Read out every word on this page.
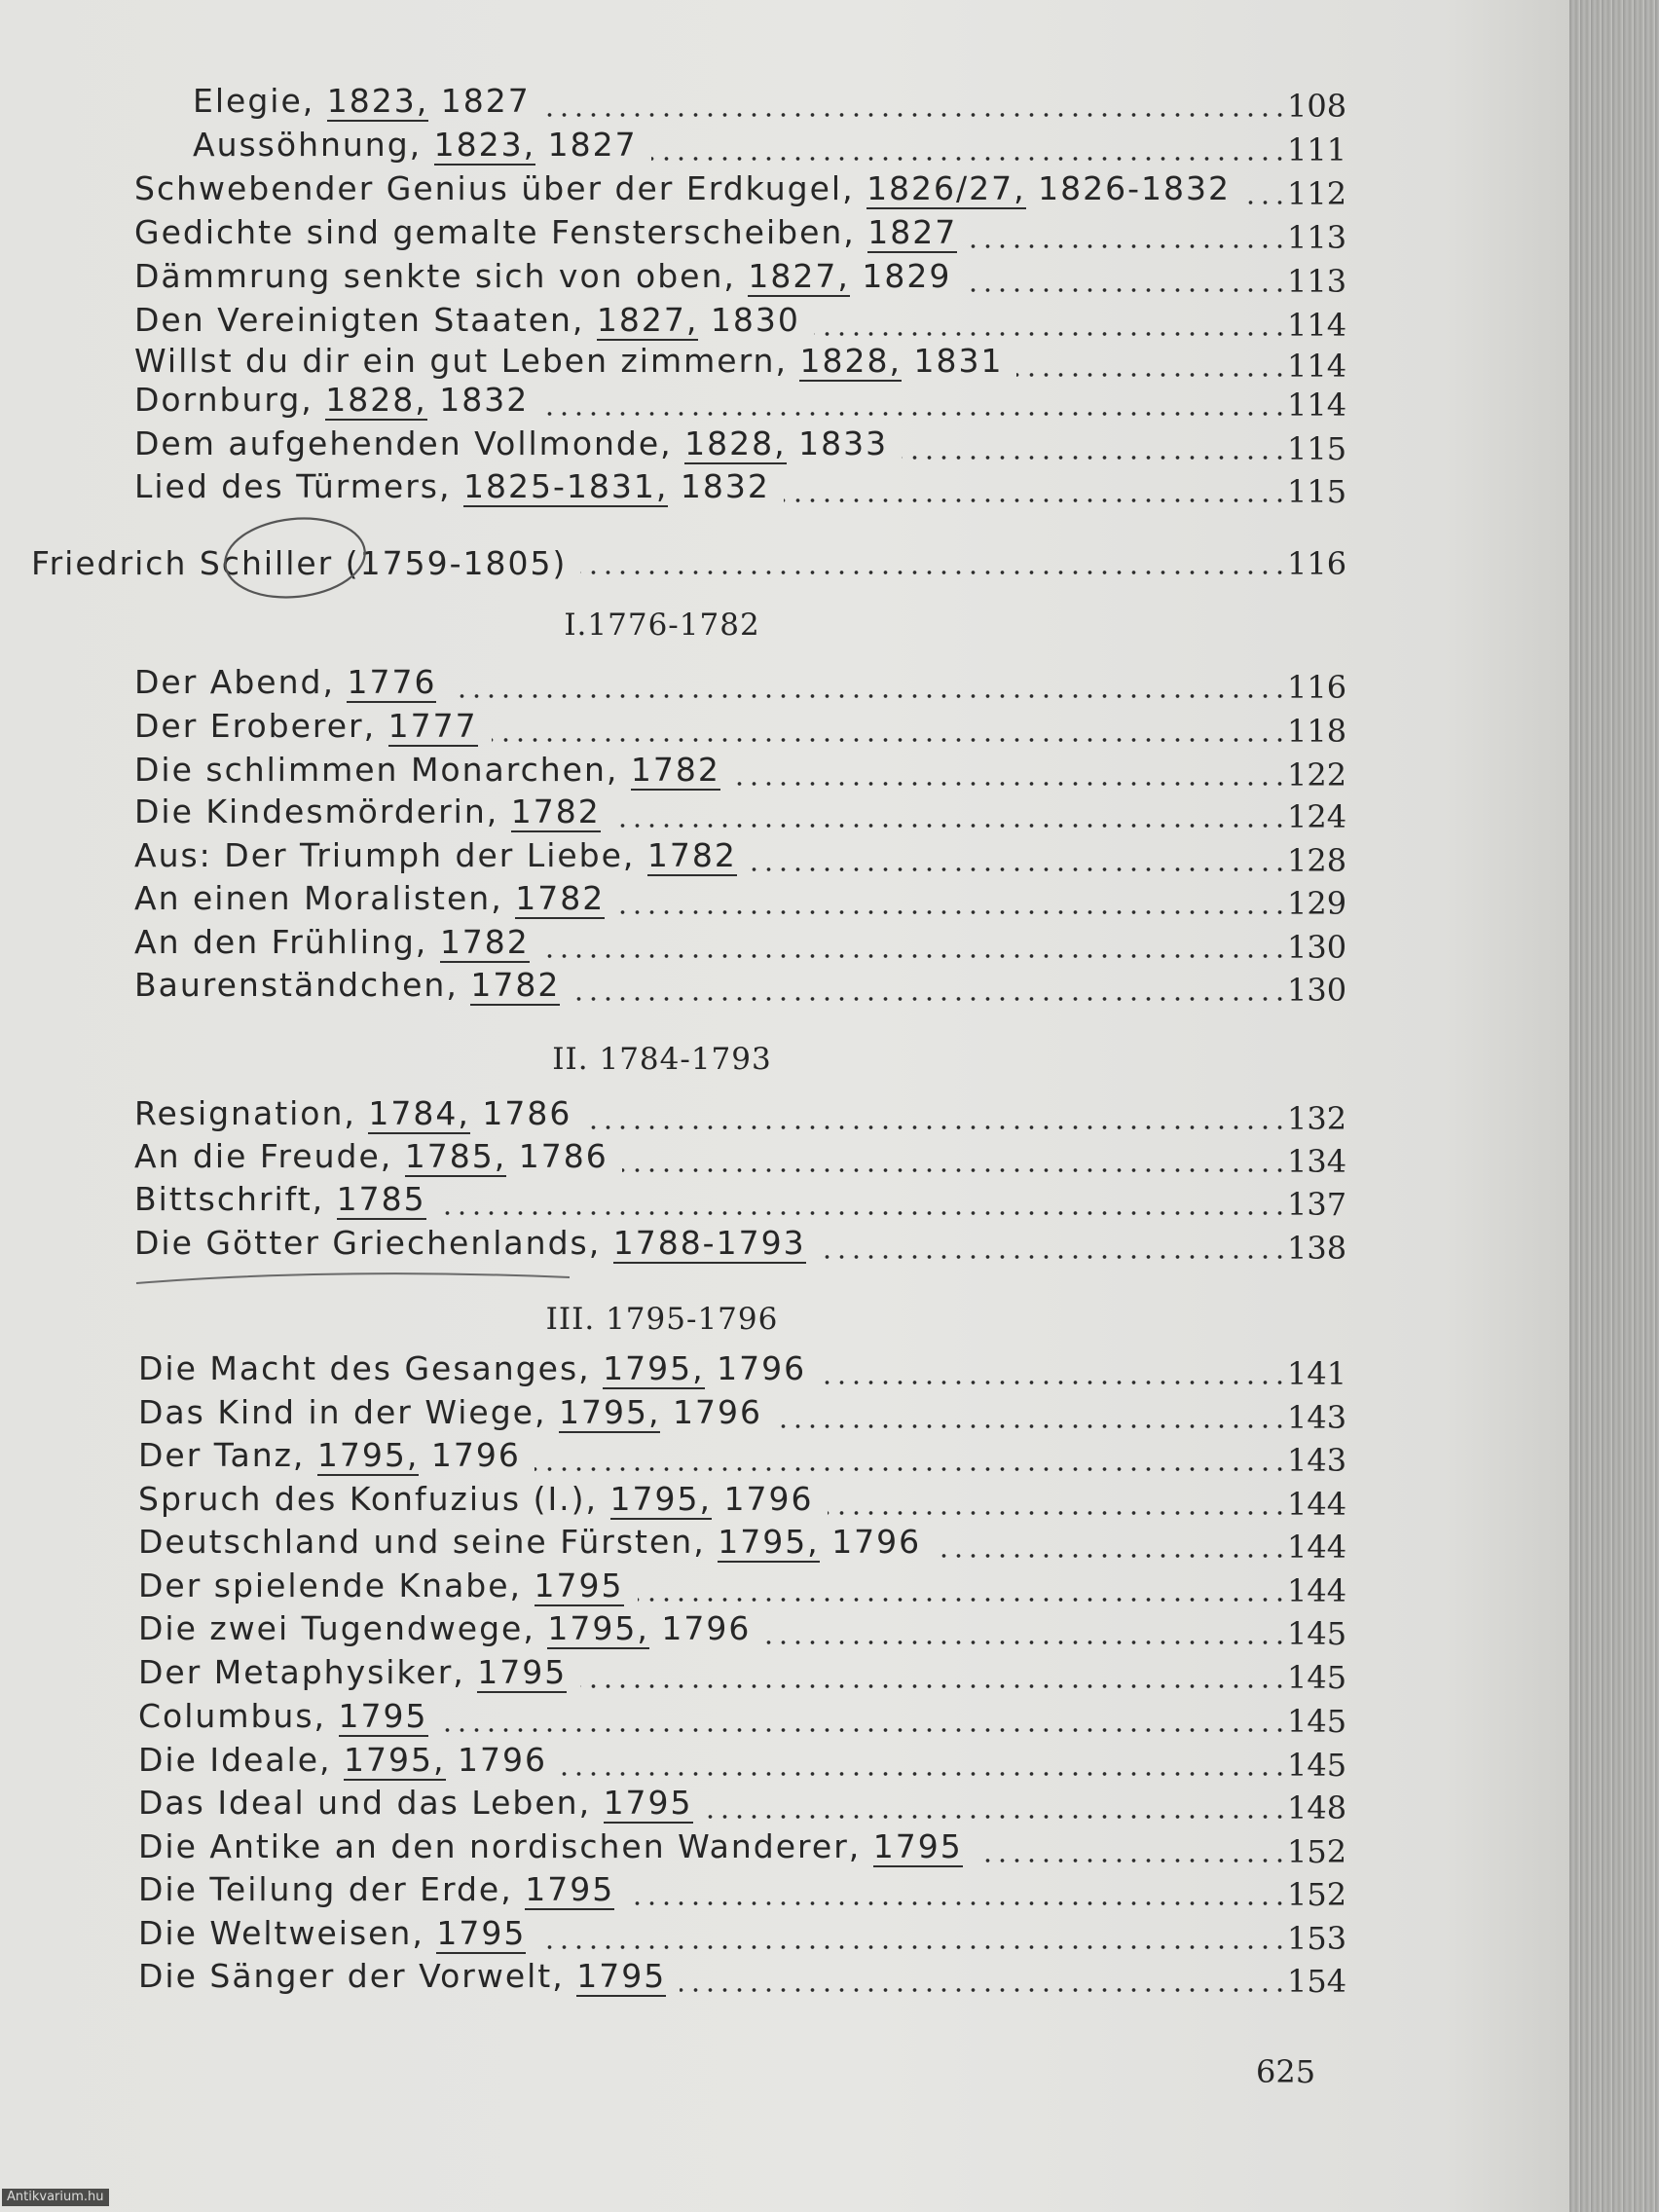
Elegie, 1823, 1827	108
Aussöhnung, 1823, 1827	111
Schwebender Genius über der Erdkugel, 1826/27, 1826-1832 112
Gedichte sind gemalte Fensterscheiben, 1827	113
Dämmrung senkte sich von oben, 1827, 1829	113
Den Vereinigten Staaten, 1827, 1830	114
Willst du dir ein gut Leben zimmern, 1828, 1831	114
Dornburg, 1828, 1832	114
Dem aufgehenden Vollmonde, 1828, 1833	115
Lied des Türmers, 1825-1831, 1832	115
Friedrich Schiller (1759-1805)	116
Der Abend, 1776	116
Der Eroberer, 1777	118
Die schlimmen Monarchen, 1782	122
Die Kindesmörderin, 1782	124
Aus: Der Triumph der Liebe, 1782	128
An einen Moralisten, 1782	129
An den Frühling, 1782	130
Baurenständchen, 1782	130
Resignation, 1784, 1786	132
An die Freude, 1785, 1786	134
Bittschrift, 1785	137
Die Götter Griechenlands, 1788-1793	138
Die Macht des Gesanges, 1795, 1796	141
Das Kind in der Wiege, 1795, 1796	143
Der Tanz, 1795, 1796	143
Spruch des Konfuzius (I.), 1795, 1796	144
Deutschland und seine Fürsten, 1795, 1796	144
Der spielende Knabe, 1795	144
Die zwei Tugendwege, 1795, 1796	145
Der Metaphysiker, 1795	145
Columbus, 1795	145
Die Ideale, 1795, 1796	145
Das Ideal und das Leben, 1795	148
Die Antike an den nordischen Wanderer, 1795	152
Die Teilung der Erde, 1795	152
Die Weltweisen, 1795	153
Die Sänger der Vorwelt, 1795	154
I.1776-1782
II. 1784-1793
III. 1795-1796
625
Antikvarium.hu
